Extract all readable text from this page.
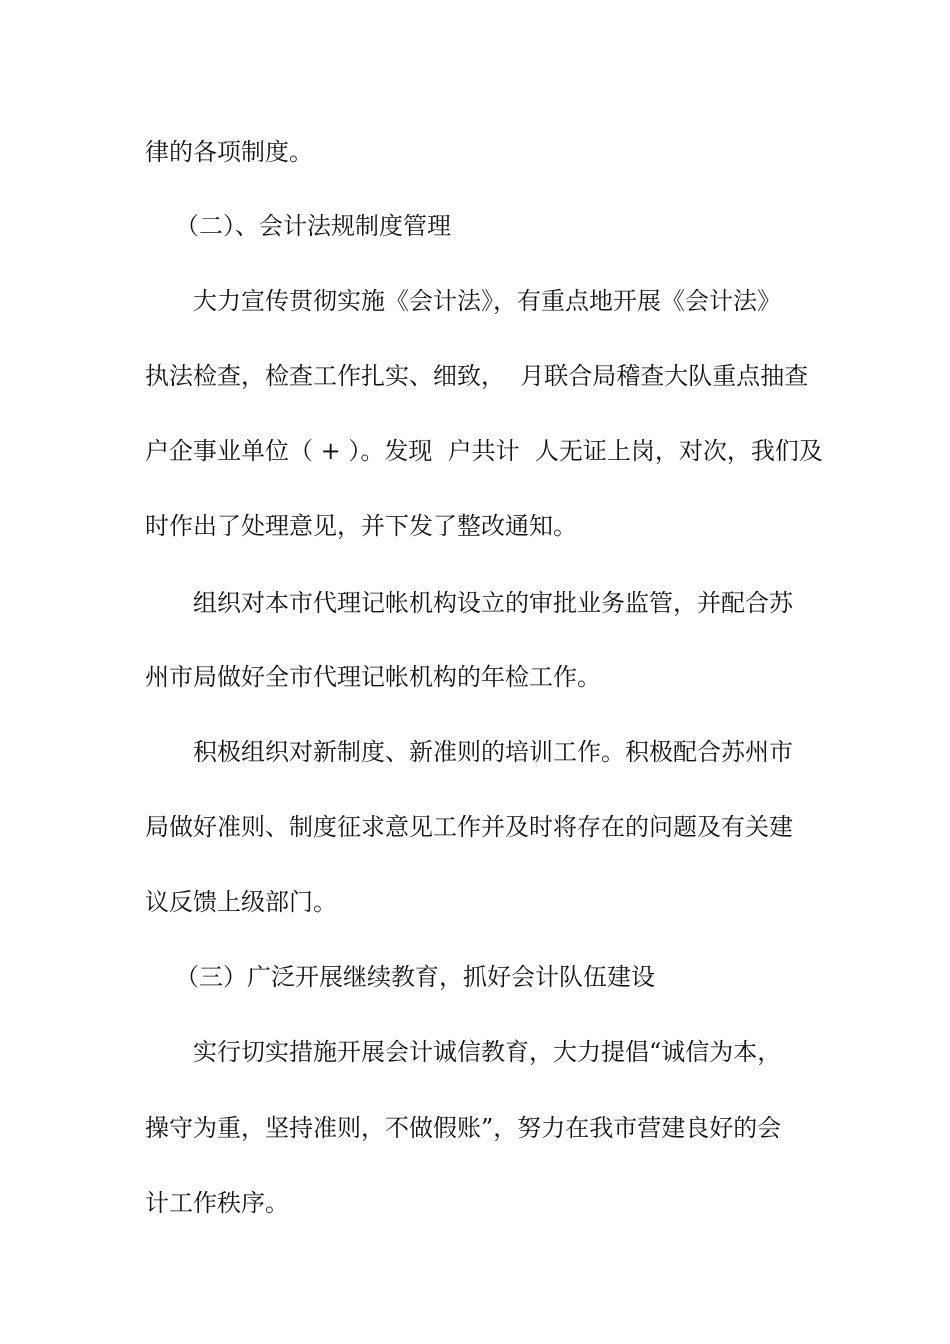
律的各项制度。
（二）、会计法规制度管理
大力宣传贯彻实施《会计法》，有重点地开展《会计法》
执法检查，检查工作扎实、细致，  月联合局稽查大队重点抽查
户企事业单位（ + ）。发现  户共计  人无证上岗，对次，我们及
时作出了处理意见，并下发了整改通知。
组织对本市代理记帐机构设立的审批业务监管，并配合苏
州市局做好全市代理记帐机构的年检工作。
积极组织对新制度、新准则的培训工作。积极配合苏州市
局做好准则、制度征求意见工作并及时将存在的问题及有关建
议反馈上级部门。
（三）广泛开展继续教育，抓好会计队伍建设
实行切实措施开展会计诚信教育，大力提倡“诚信为本，
操守为重，坚持准则，不做假账”，努力在我市营建良好的会
计工作秩序。
